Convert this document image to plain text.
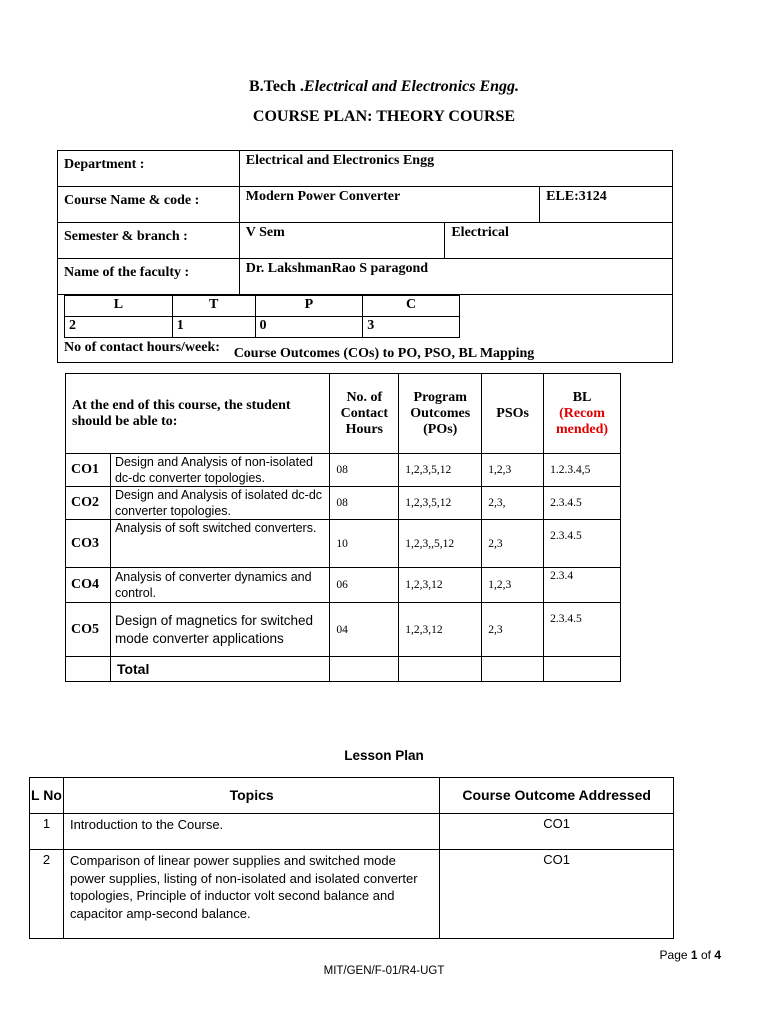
B.Tech .Electrical and Electronics Engg.
COURSE PLAN: THEORY COURSE
Department :	Electrical and Electronics Engg
Course Name & code :	Modern Power Converter	ELE:3124
Semester & branch :	V Sem	Electrical
Name of the faculty :	Dr. LakshmanRao S paragond

L	T	P	C
2	1	0	3
No of contact hours/week: Course Outcomes (COs) to PO, PSO, BL Mapping
At the end of this course, the student should be able to:		No. of Contact Hours	Program Outcomes (POs)	PSOs	BL
(Recom mended)

CO1	Design and Analysis of non-isolated dc-dc converter topologies.	08	1,2,3,5,12	1,2,3	1.2.3.4,5
CO2	Design and Analysis of isolated dc-dc converter topologies.	08	1,2,3,5,12	2,3,	2.3.4.5
CO3	Analysis of soft switched converters.	10	1,2,3,,5,12	2,3	2.3.4.5
CO4	Analysis of converter dynamics and control.	06	1,2,3,12	1,2,3	2.3.4
CO5	Design of magnetics for switched mode converter applications	04	1,2,3,12	2,3	2.3.4.5
	Total				
Lesson Plan
L No	Topics	Course Outcome Addressed
1	Introduction to the Course.	CO1
2	Comparison of linear power supplies and switched mode power supplies, listing of non-isolated and isolated converter topologies, Principle of inductor volt second balance and capacitor amp-second balance.	CO1
Page 1 of 4
MIT/GEN/F-01/R4-UGT
